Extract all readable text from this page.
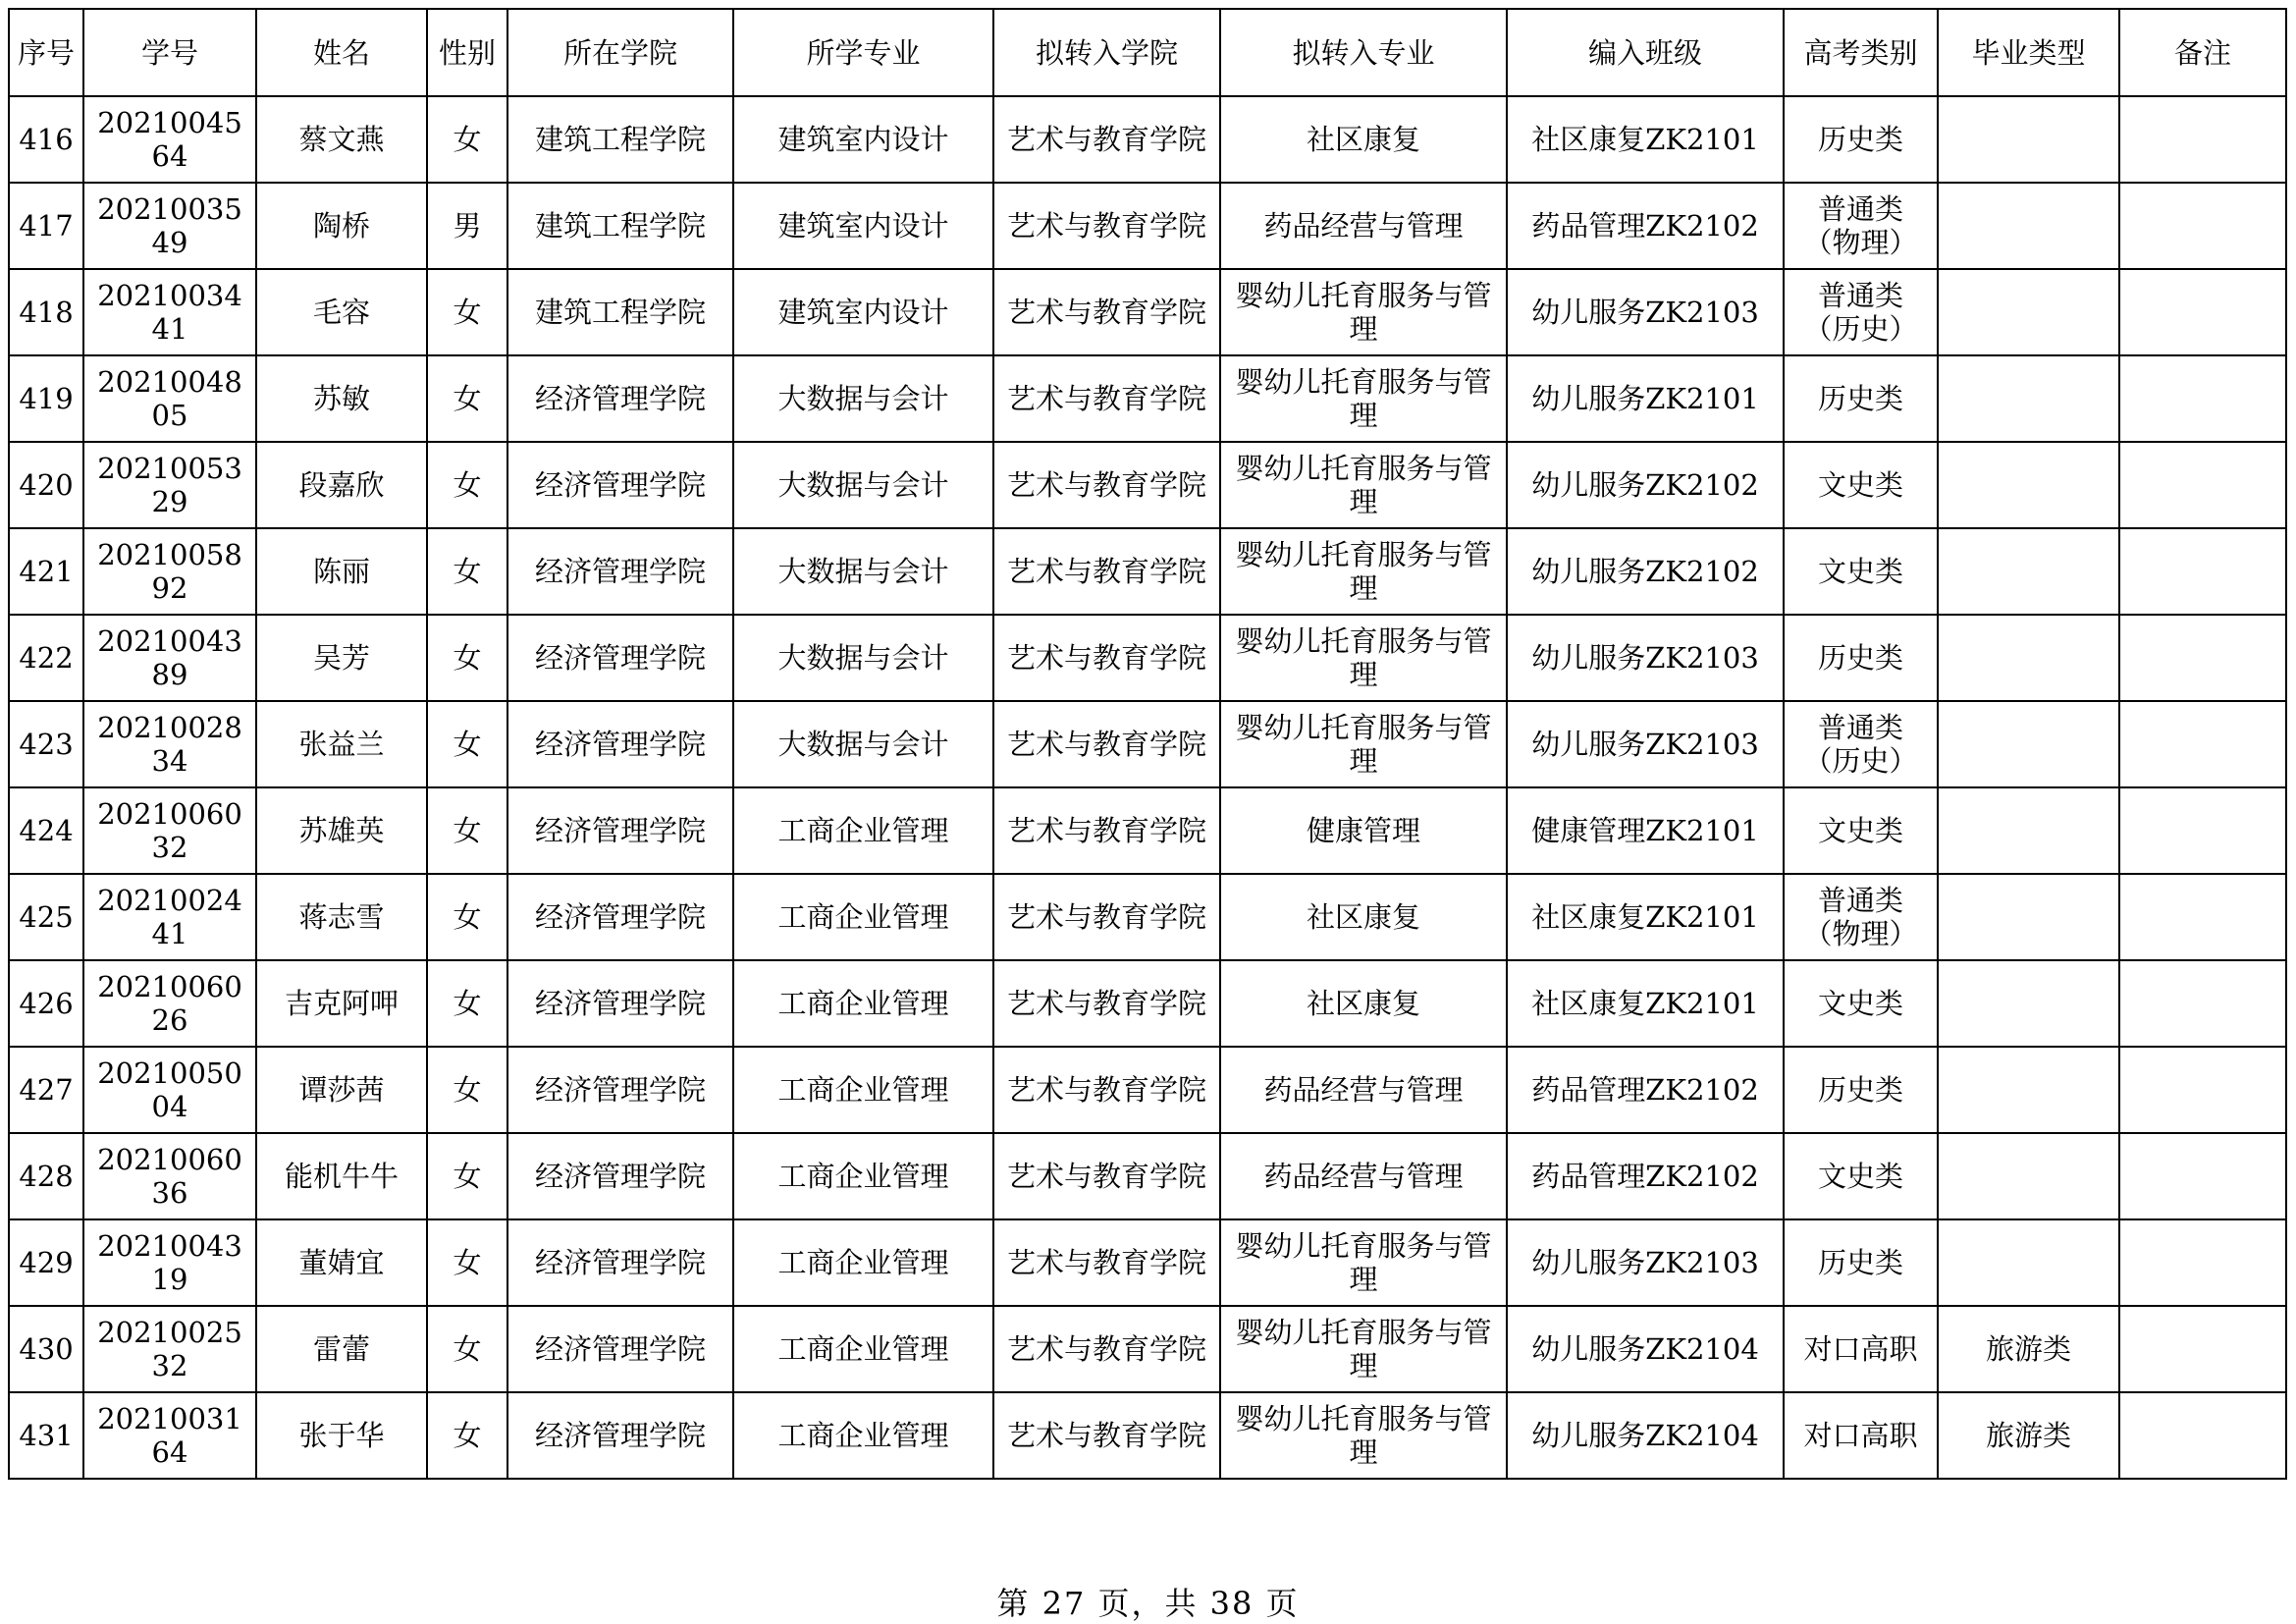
序号	学号	姓名	性别	所在学院	所学专业	拟转入学院	拟转入专业	编入班级	高考类别	毕业类型	备注
416	2021004564	蔡文燕	女	建筑工程学院	建筑室内设计	艺术与教育学院	社区康复	社区康复ZK2101	历史类		
417	2021003549	陶桥	男	建筑工程学院	建筑室内设计	艺术与教育学院	药品经营与管理	药品管理ZK2102	普通类（物理）		
418	2021003441	毛容	女	建筑工程学院	建筑室内设计	艺术与教育学院	婴幼儿托育服务与管理	幼儿服务ZK2103	普通类（历史）		
419	2021004805	苏敏	女	经济管理学院	大数据与会计	艺术与教育学院	婴幼儿托育服务与管理	幼儿服务ZK2101	历史类		
420	2021005329	段嘉欣	女	经济管理学院	大数据与会计	艺术与教育学院	婴幼儿托育服务与管理	幼儿服务ZK2102	文史类		
421	2021005892	陈丽	女	经济管理学院	大数据与会计	艺术与教育学院	婴幼儿托育服务与管理	幼儿服务ZK2102	文史类		
422	2021004389	吴芳	女	经济管理学院	大数据与会计	艺术与教育学院	婴幼儿托育服务与管理	幼儿服务ZK2103	历史类		
423	2021002834	张益兰	女	经济管理学院	大数据与会计	艺术与教育学院	婴幼儿托育服务与管理	幼儿服务ZK2103	普通类（历史）		
424	2021006032	苏雄英	女	经济管理学院	工商企业管理	艺术与教育学院	健康管理	健康管理ZK2101	文史类		
425	2021002441	蒋志雪	女	经济管理学院	工商企业管理	艺术与教育学院	社区康复	社区康复ZK2101	普通类（物理）		
426	2021006026	吉克阿呷	女	经济管理学院	工商企业管理	艺术与教育学院	社区康复	社区康复ZK2101	文史类		
427	2021005004	谭莎茜	女	经济管理学院	工商企业管理	艺术与教育学院	药品经营与管理	药品管理ZK2102	历史类		
428	2021006036	能机牛牛	女	经济管理学院	工商企业管理	艺术与教育学院	药品经营与管理	药品管理ZK2102	文史类		
429	2021004319	董婧宜	女	经济管理学院	工商企业管理	艺术与教育学院	婴幼儿托育服务与管理	幼儿服务ZK2103	历史类		
430	2021002532	雷蕾	女	经济管理学院	工商企业管理	艺术与教育学院	婴幼儿托育服务与管理	幼儿服务ZK2104	对口高职	旅游类	
431	2021003164	张于华	女	经济管理学院	工商企业管理	艺术与教育学院	婴幼儿托育服务与管理	幼儿服务ZK2104	对口高职	旅游类	
第 27 页，共 38 页
